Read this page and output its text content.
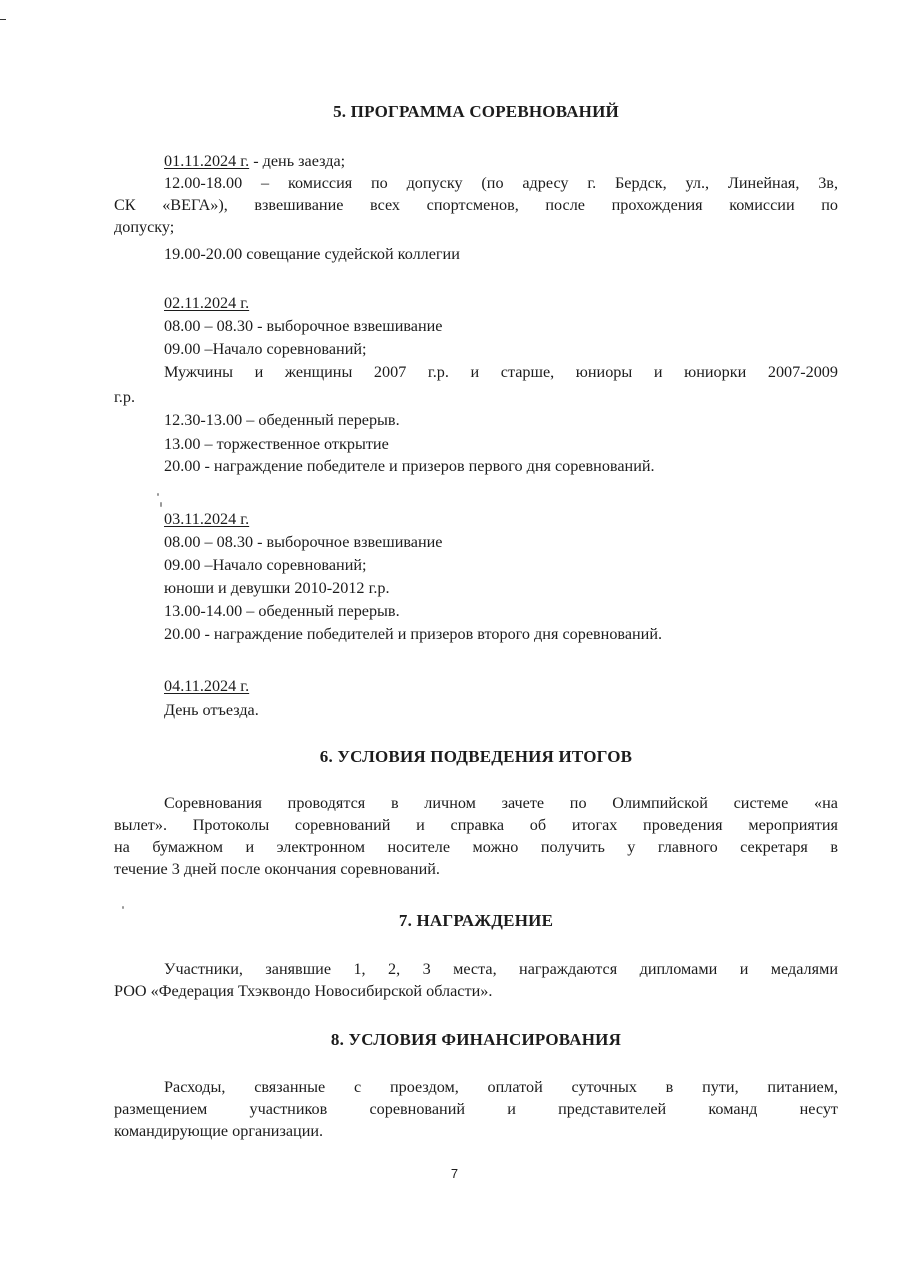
5. ПРОГРАММА СОРЕВНОВАНИЙ
01.11.2024 г. - день заезда;
12.00-18.00 – комиссия по допуску (по адресу г. Бердск, ул., Линейная, 3в,
СК «ВЕГА»), взвешивание всех спортсменов, после прохождения комиссии по
допуску;
19.00-20.00 совещание судейской коллегии
02.11.2024 г.
08.00 – 08.30 - выборочное взвешивание
09.00 –Начало соревнований;
Мужчины и женщины 2007 г.р. и старше, юниоры и юниорки 2007-2009
г.р.
12.30-13.00 – обеденный перерыв.
13.00 – торжественное открытие
20.00 - награждение победителе и призеров первого дня соревнований.
03.11.2024 г.
08.00 – 08.30 - выборочное взвешивание
09.00 –Начало соревнований;
юноши и девушки 2010-2012 г.р.
13.00-14.00 – обеденный перерыв.
20.00 - награждение победителей и призеров второго дня соревнований.
04.11.2024 г.
День отъезда.
6. УСЛОВИЯ ПОДВЕДЕНИЯ ИТОГОВ
Соревнования проводятся в личном зачете по Олимпийской системе «на
вылет». Протоколы соревнований и справка об итогах проведения мероприятия
на бумажном и электронном носителе можно получить у главного секретаря в
течение 3 дней после окончания соревнований.
7. НАГРАЖДЕНИЕ
Участники, занявшие 1, 2, 3 места, награждаются дипломами и медалями
РОО «Федерация Тхэквондо Новосибирской области».
8. УСЛОВИЯ ФИНАНСИРОВАНИЯ
Расходы, связанные с проездом, оплатой суточных в пути, питанием,
размещением участников соревнований и представителей команд несут
командирующие организации.
7
